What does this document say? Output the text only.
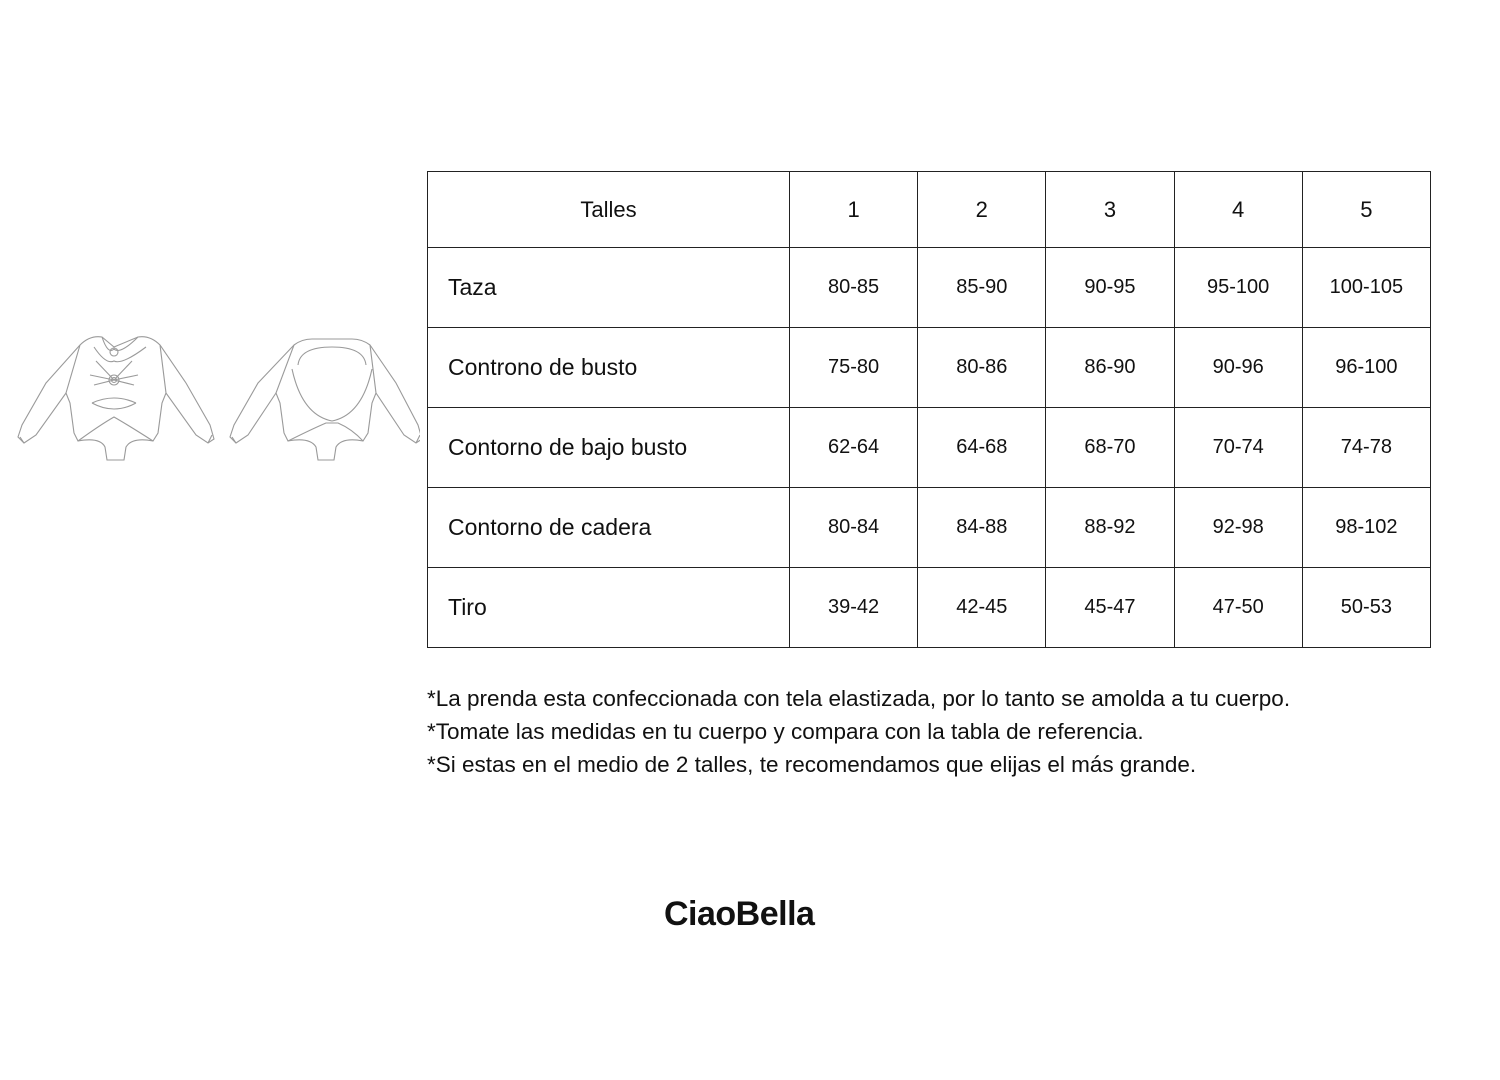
Talles	1	2	3	4	5
Taza	80-85	85-90	90-95	95-100	100-105
Controno de busto	75-80	80-86	86-90	90-96	96-100
Contorno de bajo busto	62-64	64-68	68-70	70-74	74-78
Contorno de cadera	80-84	84-88	88-92	92-98	98-102
Tiro	39-42	42-45	45-47	47-50	50-53

*La prenda esta confeccionada con tela elastizada, por lo tanto se amolda a tu cuerpo.

*Tomate las medidas en tu cuerpo y compara con la tabla de referencia.

*Si estas en el medio de 2 talles, te recomendamos que elijas el más grande.

CiaoBella
